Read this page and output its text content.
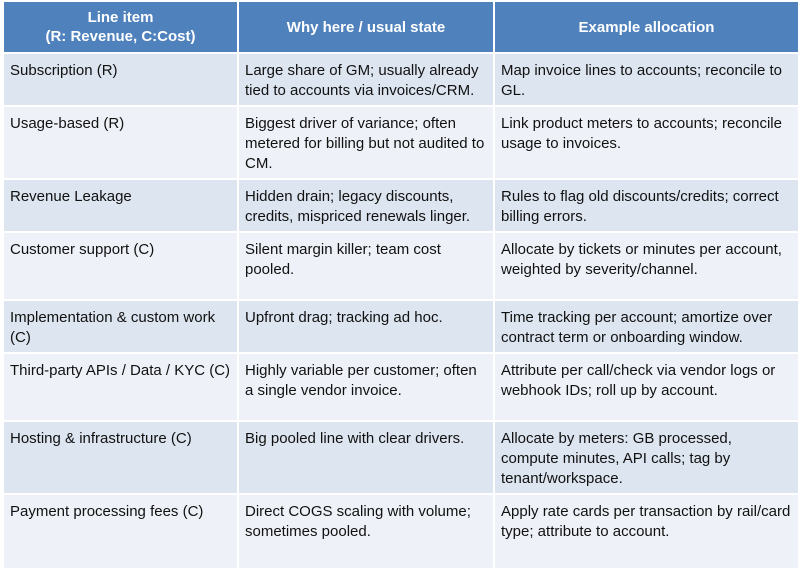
Line item
(R: Revenue, C:Cost)	Why here / usual state	Example allocation
Subscription (R)	Large share of GM; usually already tied to accounts via invoices/CRM.	Map invoice lines to accounts; reconcile to GL.
Usage-based (R)	Biggest driver of variance; often metered for billing but not audited to CM.	Link product meters to accounts; reconcile usage to invoices.
Revenue Leakage	Hidden drain; legacy discounts, credits, mispriced renewals linger.	Rules to flag old discounts/credits; correct billing errors.
Customer support (C)	Silent margin killer; team cost pooled.	Allocate by tickets or minutes per account, weighted by severity/channel.
Implementation & custom work (C)	Upfront drag; tracking ad hoc.	Time tracking per account; amortize over contract term or onboarding window.
Third-party APIs / Data / KYC (C)	Highly variable per customer; often a single vendor invoice.	Attribute per call/check via vendor logs or webhook IDs; roll up by account.
Hosting & infrastructure (C)	Big pooled line with clear drivers.	Allocate by meters: GB processed, compute minutes, API calls; tag by tenant/workspace.
Payment processing fees (C)	Direct COGS scaling with volume; sometimes pooled.	Apply rate cards per transaction by rail/card type; attribute to account.
